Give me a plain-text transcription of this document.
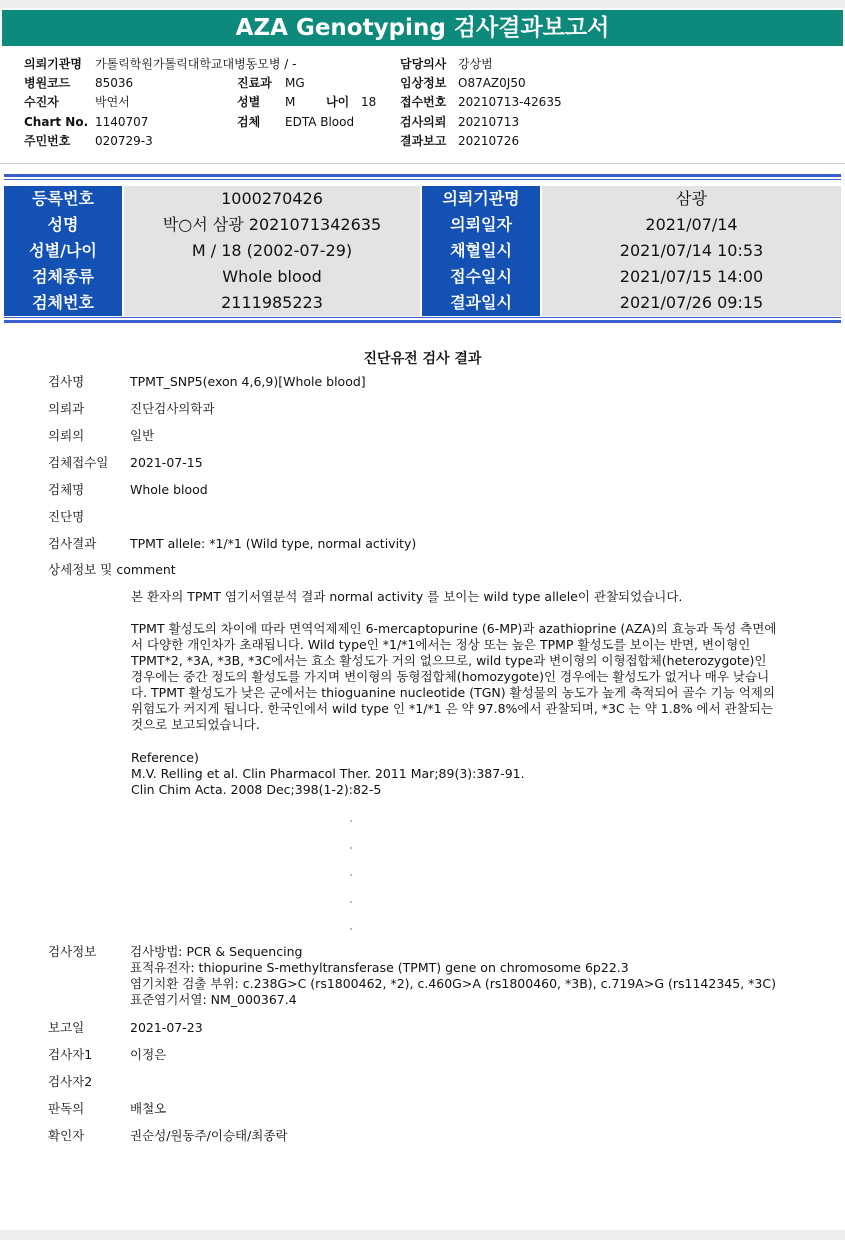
AZA Genotyping 검사결과보고서
의뢰기관명 가톨릭학원가톨릭대학교대병동모병 / -
병원코드 85036
수진자	박연서
Chart No. 1140707
주민번호 020729-3
진료과 MG
성별 M
검체 EDTA Blood
나이 18
담당의사 강상범
임상정보 O87AZ0J50
접수번호 20210713-42635
검사의뢰 20210713
결과보고 20210726
등록번호	1000270426	의뢰기관명	삼광
성명	박○서 삼광 2021071342635	의뢰일자	2021/07/14
성별/나이	M / 18 (2002-07-29)	채혈일시	2021/07/14 10:53
검체종류	Whole blood	접수일시	2021/07/15 14:00
검체번호	2111985223	결과일시	2021/07/26 09:15
진단유전 검사 결과
검사명	TPMT_SNP5(exon 4,6,9)[Whole blood]
의뢰과	진단검사의학과
의뢰의	일반
검체접수일 2021-07-15
검체명	Whole blood
진단명
검사결과	TPMT allele: *1/*1 (Wild type, normal activity)
상세정보 및 comment
본 환자의 TPMT 염기서열분석 결과 normal activity 를 보이는 wild type allele이 관찰되었습니다.
TPMT 활성도의 차이에 따라 면역억제제인 6-mercaptopurine (6-MP)과 azathioprine (AZA)의 효능과 독성 측면에서 다양한 개인차가 초래됩니다. Wild type인 *1/*1에서는 정상 또는 높은 TPMP 활성도를 보이는 반면, 변이형인 TPMT*2, *3A, *3B, *3C에서는 효소 활성도가 거의 없으므로, wild type과 변이형의 이형접합체(heterozygote)인 경우에는 중간 정도의 활성도를 가지며 변이형의 동형접합체(homozygote)인 경우에는 활성도가 없거나 매우 낮습니다. TPMT 활성도가 낮은 군에서는 thioguanine nucleotide (TGN) 활성물의 농도가 높게 축적되어 골수 기능 억제의 위험도가 커지게 됩니다. 한국인에서 wild type 인 *1/*1 은 약 97.8%에서 관찰되며, *3C 는 약 1.8% 에서 관찰되는 것으로 보고되었습니다.
Reference)
M.V. Relling et al. Clin Pharmacol Ther. 2011 Mar;89(3):387-91.
Clin Chim Acta. 2008 Dec;398(1-2):82-5
검사정보	검사방법: PCR & Sequencing
표적유전자: thiopurine S-methyltransferase (TPMT) gene on chromosome 6p22.3
염기치환 검출 부위: c.238G>C (rs1800462, *2), c.460G>A (rs1800460, *3B), c.719A>G (rs1142345, *3C)
표준염기서열: NM_000367.4
보고일	2021-07-23
검사자1	이정은
검사자2
판독의	배철오
확인자	권순성/원동주/이승태/최종락
